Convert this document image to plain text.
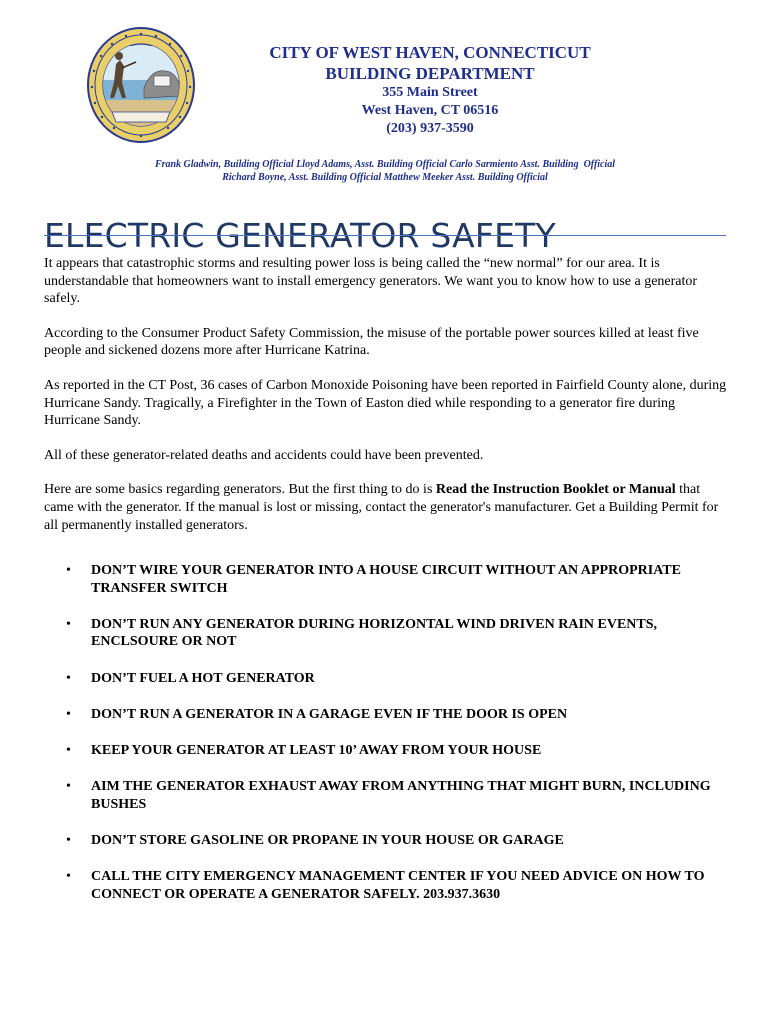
CITY OF WEST HAVEN, CONNECTICUT
BUILDING DEPARTMENT
355 Main Street
West Haven, CT 06516
(203) 937-3590
Frank Gladwin, Building Official Lloyd Adams, Asst. Building Official Carlo Sarmiento Asst. Building  Official
Richard Boyne, Asst. Building Official Matthew Meeker Asst. Building Official
ELECTRIC GENERATOR SAFETY

It appears that catastrophic storms and resulting power loss is being called the “new normal” for our area. It is understandable that homeowners want to install emergency generators. We want you to know how to use a generator safely.

According to the Consumer Product Safety Commission, the misuse of the portable power sources killed at least five people and sickened dozens more after Hurricane Katrina.

As reported in the CT Post, 36 cases of Carbon Monoxide Poisoning have been reported in Fairfield County alone, during Hurricane Sandy. Tragically, a Firefighter in the Town of Easton died while responding to a generator fire during Hurricane Sandy.

All of these generator-related deaths and accidents could have been prevented.

Here are some basics regarding generators. But the first thing to do is Read the Instruction Booklet or Manual that came with the generator. If the manual is lost or missing, contact the generator's manufacturer. Get a Building Permit for all permanently installed generators.

• DON’T WIRE YOUR GENERATOR INTO A HOUSE CIRCUIT WITHOUT AN APPROPRIATE TRANSFER SWITCH
• DON’T RUN ANY GENERATOR DURING HORIZONTAL WIND DRIVEN RAIN EVENTS, ENCLSOURE OR NOT
• DON’T FUEL A HOT GENERATOR
• DON’T RUN A GENERATOR IN A GARAGE EVEN IF THE DOOR IS OPEN
• KEEP YOUR GENERATOR AT LEAST 10’ AWAY FROM YOUR HOUSE
• AIM THE GENERATOR EXHAUST AWAY FROM ANYTHING THAT MIGHT BURN, INCLUDING BUSHES
• DON’T STORE GASOLINE OR PROPANE IN YOUR HOUSE OR GARAGE
• CALL THE CITY EMERGENCY MANAGEMENT CENTER IF YOU NEED ADVICE ON HOW TO CONNECT OR OPERATE A GENERATOR SAFELY. 203.937.3630
